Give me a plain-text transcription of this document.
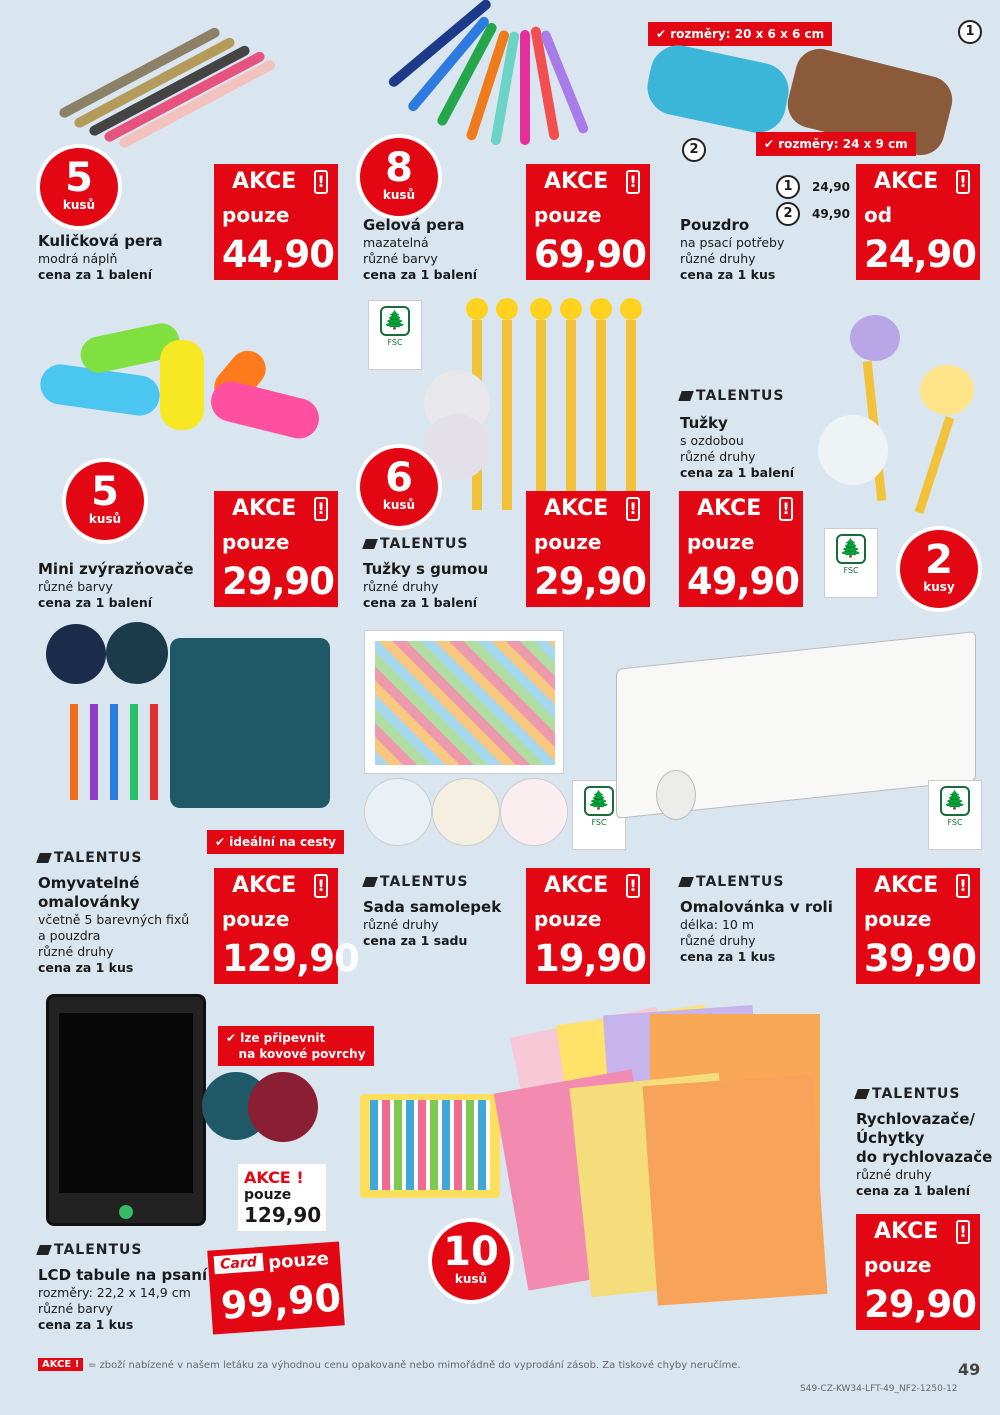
5
kusů
Kuličková pera
modrá náplň
cena za 1 balení
AKCE !
pouze
44,90
8
kusů
Gelová pera
mazatelná
různé barvy
cena za 1 balení
AKCE !
pouze
69,90
✔ rozměry: 20 x 6 x 6 cm	1
2	✔ rozměry: 24 x 9 cm
1	24,90
2	49,90
Pouzdro
na psací potřeby
různé druhy
cena za 1 kus
AKCE !
od
24,90
5
kusů
Mini zvýrazňovače
různé barvy
cena za 1 balení
AKCE !
pouze
29,90
🌲
FSC
6
kusů
TALENTUS
Tužky s gumou
různé druhy
cena za 1 balení
AKCE !
pouze
29,90
TALENTUS
Tužky
s ozdobou
různé druhy
cena za 1 balení
🌲
FSC	2
kusy
AKCE !
pouze
49,90
✔ ideální na cesty
TALENTUS
Omyvatelné
omalovánky
včetně 5 barevných fixů
a pouzdra
různé druhy
cena za 1 kus
AKCE !
pouze
129,90
🌲
FSC
TALENTUS
Sada samolepek
různé druhy
cena za 1 sadu
AKCE !
pouze
19,90
🌲
FSC
TALENTUS
Omalovánka v roli
délka: 10 m
různé druhy
cena za 1 kus
AKCE !
pouze
39,90
✔ lze připevnit
na kovové povrchy
AKCE !
pouze
129,90
Card pouze
99,90
TALENTUS
LCD tabule na psaní
rozměry: 22,2 x 14,9 cm
různé barvy
cena za 1 kus
10
kusů
TALENTUS
Rychlovazače/
Úchytky
do rychlovazače
různé druhy
cena za 1 balení
AKCE !
pouze
29,90
AKCE ! = zboží nabízené v našem letáku za výhodnou cenu opakovaně nebo mimořádně do vyprodání zásob. Za tiskové chyby neručíme.	49
S49-CZ-KW34-LFT-49_NF2-1250-12
